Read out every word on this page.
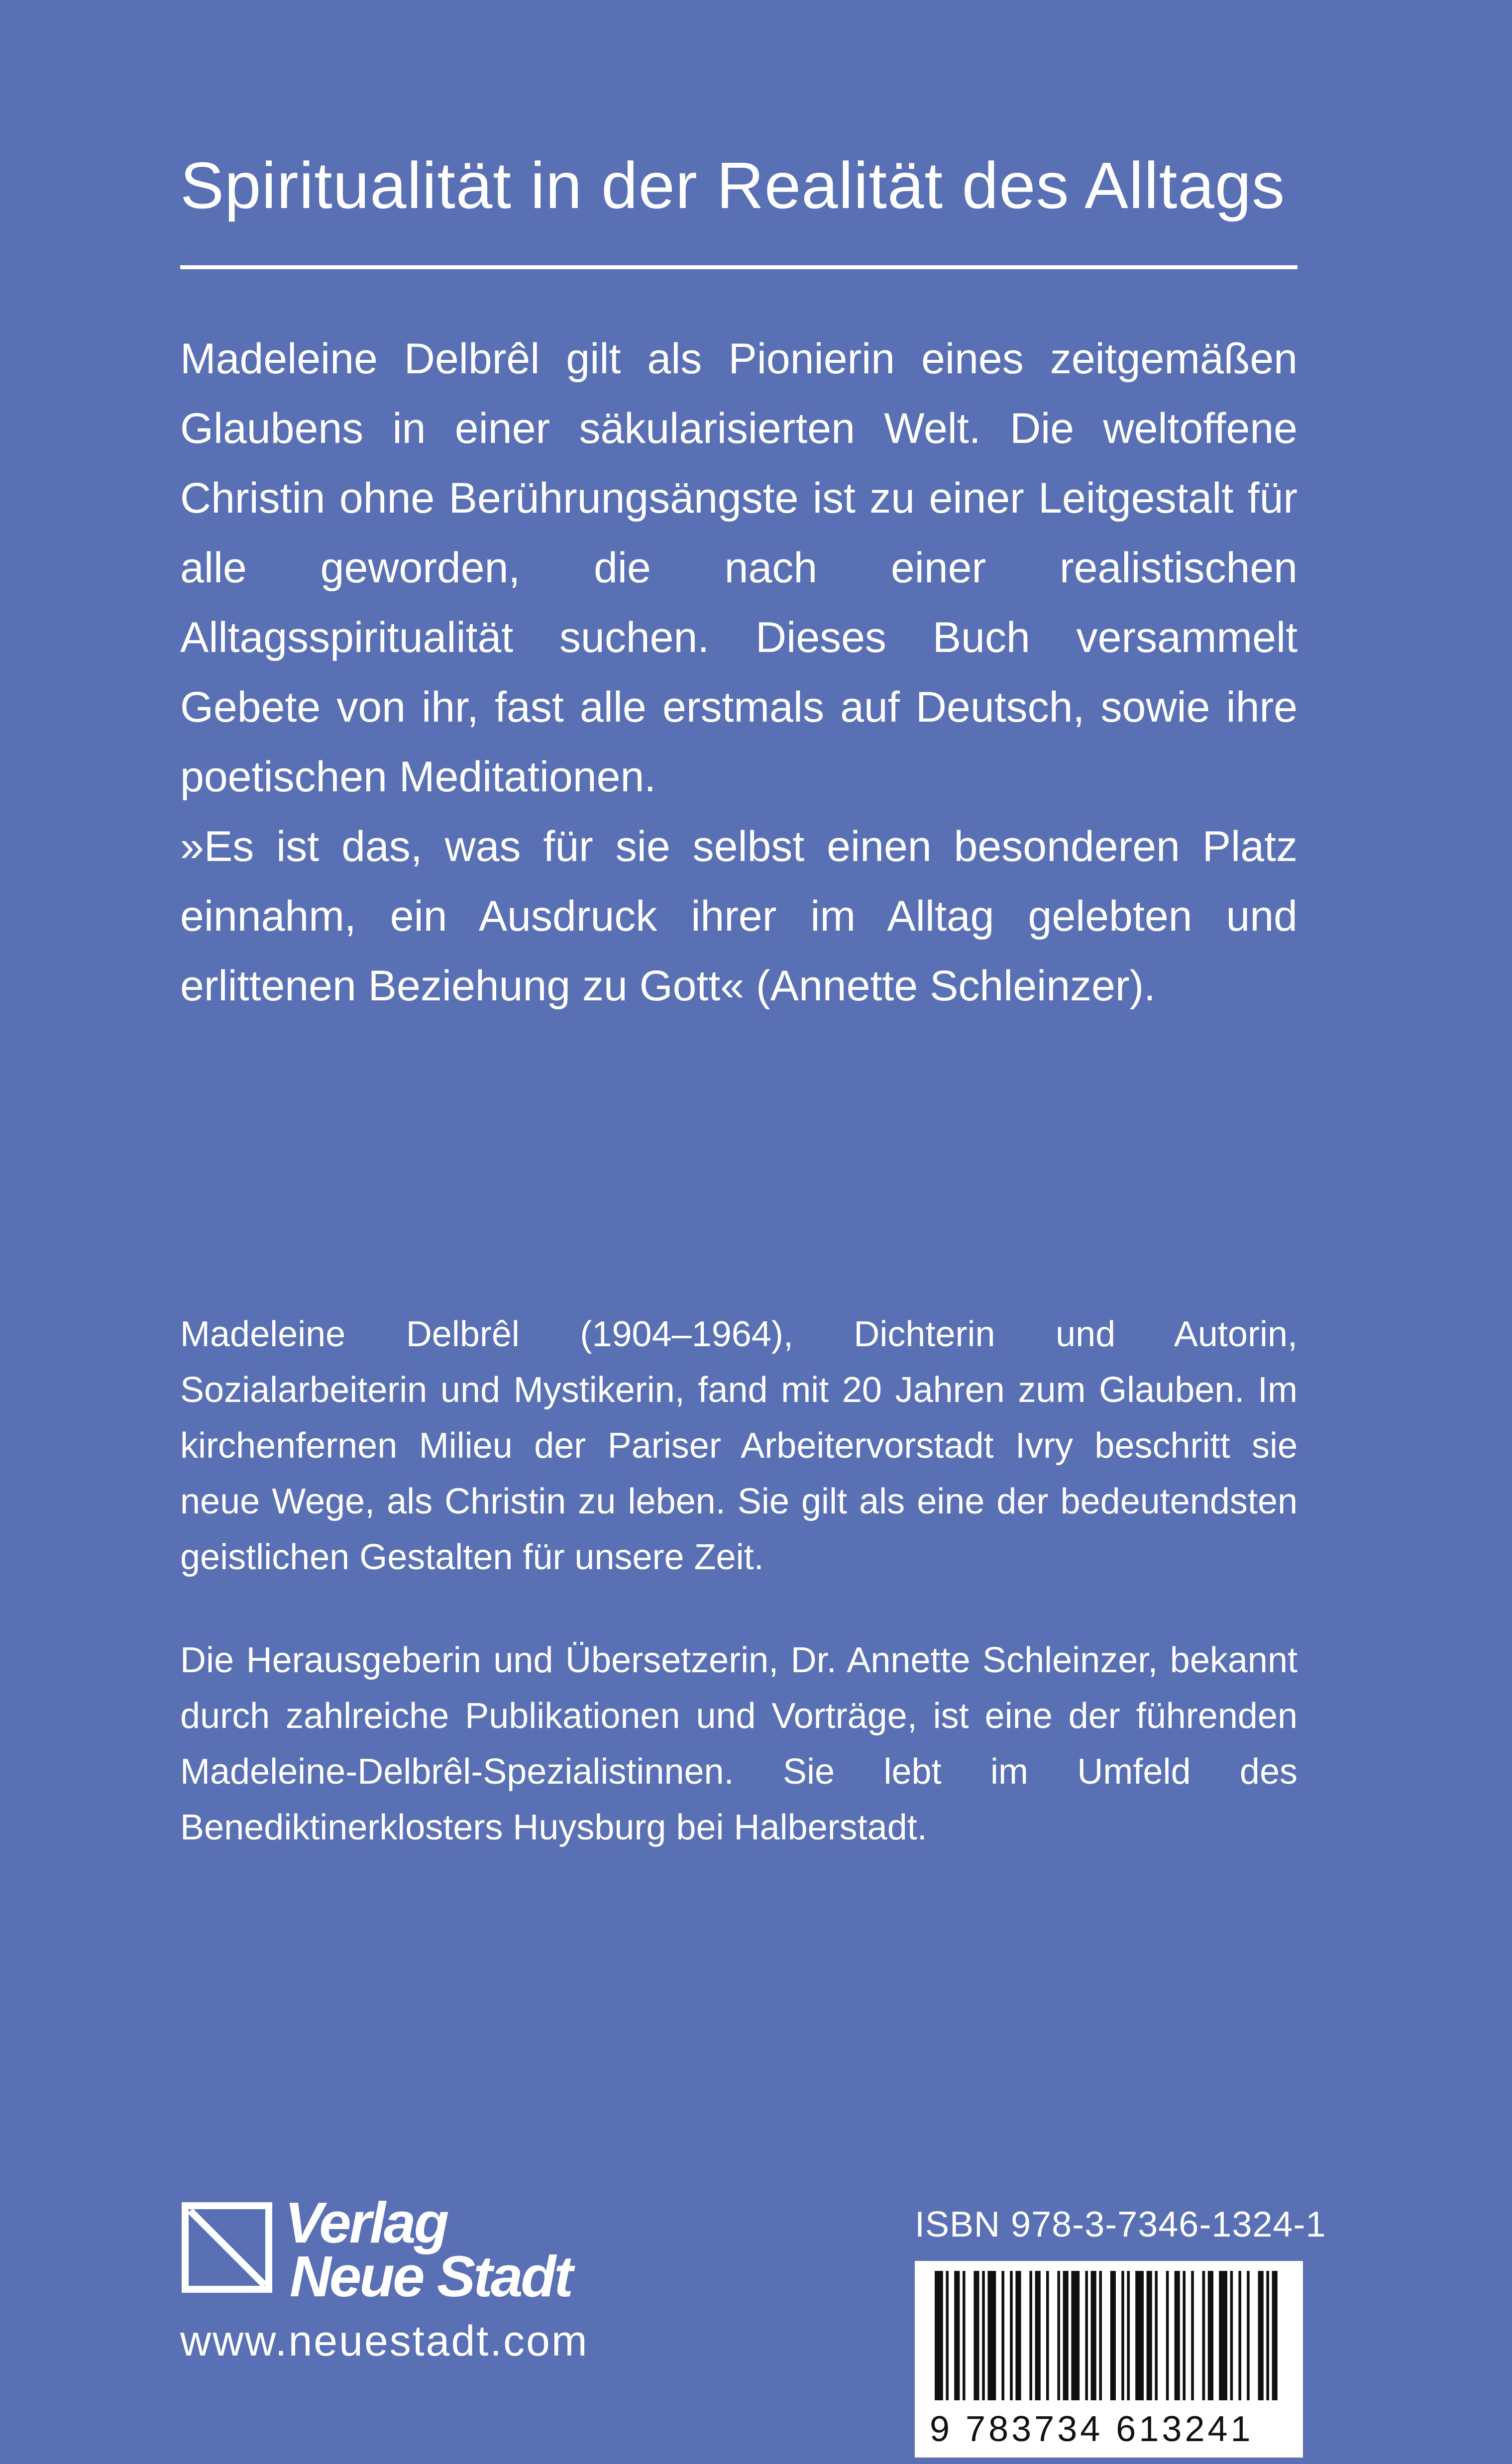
Spiritualität in der Realität des Alltags

Madeleine Delbrêl gilt als Pionierin eines zeitgemäßen Glaubens in einer säkularisierten Welt. Die weltoffene Christin ohne Berührungsängste ist zu einer Leitgestalt für alle geworden, die nach einer realistischen Alltagsspiritualität suchen. Dieses Buch versammelt Gebete von ihr, fast alle erstmals auf Deutsch, sowie ihre poetischen Meditationen.

»Es ist das, was für sie selbst einen besonderen Platz einnahm, ein Ausdruck ihrer im Alltag gelebten und erlittenen Beziehung zu Gott« (Annette Schleinzer).

Madeleine Delbrêl (1904–1964), Dichterin und Autorin, Sozialarbeiterin und Mystikerin, fand mit 20 Jahren zum Glauben. Im kirchenfernen Milieu der Pariser Arbeitervorstadt Ivry beschritt sie neue Wege, als Christin zu leben. Sie gilt als eine der bedeutendsten geistlichen Gestalten für unsere Zeit.

Die Herausgeberin und Übersetzerin, Dr. Annette Schleinzer, bekannt durch zahlreiche Publikationen und Vorträge, ist eine der führenden Madeleine-Delbrêl-Spezialistinnen. Sie lebt im Umfeld des Benediktinerklosters Huysburg bei Halberstadt.

Verlag
Neue Stadt
www.neuestadt.com
ISBN 978-3-7346-1324-1
9 783734 613241
